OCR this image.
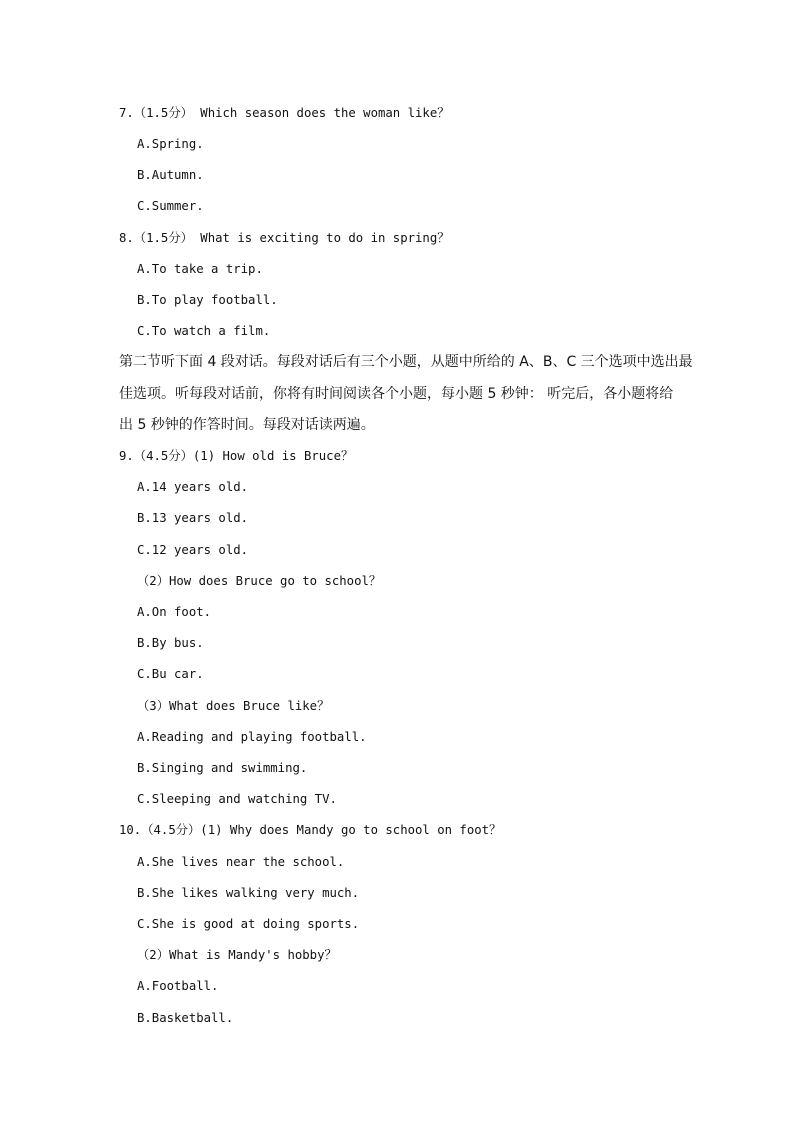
7.（1.5分） Which season does the woman like？
A.Spring.
B.Autumn.
C.Summer.
8.（1.5分） What is exciting to do in spring？
A.To take a trip.
B.To play football.
C.To watch a film.
第二节听下面 4 段对话。每段对话后有三个小题，从题中所给的 A、B、C 三个选项中选出最
佳选项。听每段对话前，你将有时间阅读各个小题，每小题 5 秒钟： 听完后，各小题将给
出 5 秒钟的作答时间。每段对话读两遍。
9.（4.5分）(1) How old is Bruce？
A.14 years old.
B.13 years old.
C.12 years old.
（2）How does Bruce go to school？
A.On foot.
B.By bus.
C.Bu car.
（3）What does Bruce like？
A.Reading and playing football.
B.Singing and swimming.
C.Sleeping and watching TV.
10.（4.5分）(1) Why does Mandy go to school on foot？
A.She lives near the school.
B.She likes walking very much.
C.She is good at doing sports.
（2）What is Mandy's hobby？
A.Football.
B.Basketball.
